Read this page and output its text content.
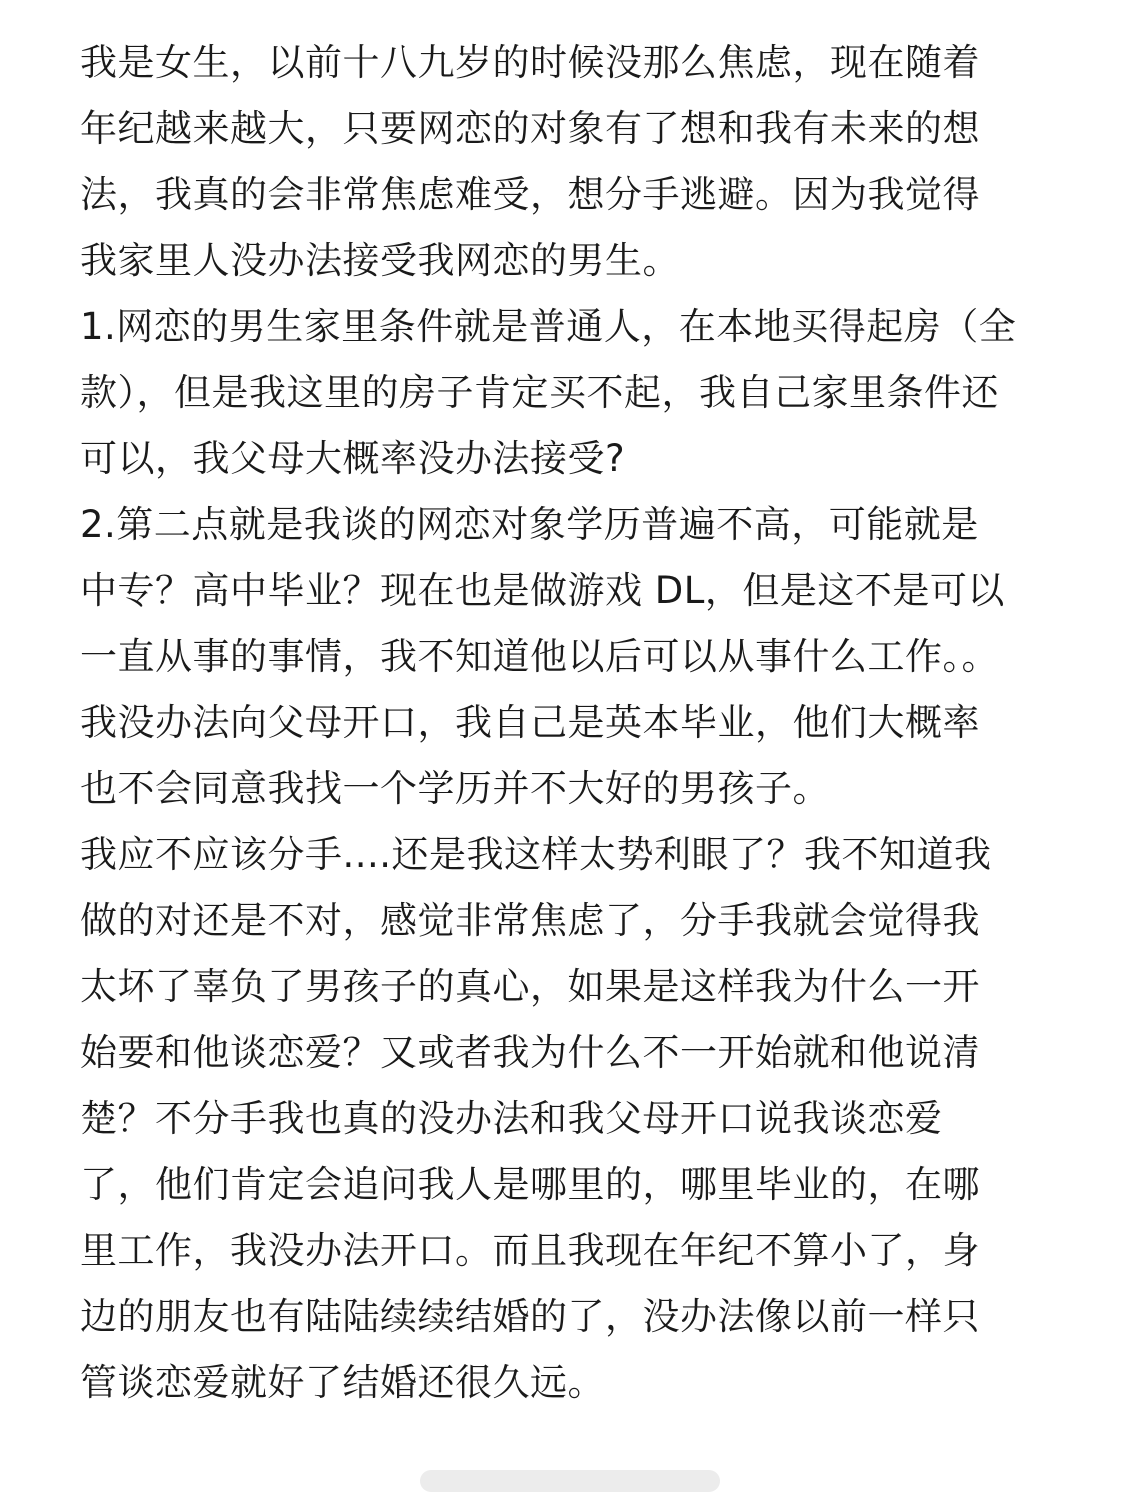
我是女生，以前十八九岁的时候没那么焦虑，现在随着
年纪越来越大，只要网恋的对象有了想和我有未来的想
法，我真的会非常焦虑难受，想分手逃避。因为我觉得
我家里人没办法接受我网恋的男生。
1.网恋的男生家里条件就是普通人，在本地买得起房（全
款），但是我这里的房子肯定买不起，我自己家里条件还
可以，我父母大概率没办法接受?
2.第二点就是我谈的网恋对象学历普遍不高，可能就是
中专？高中毕业？现在也是做游戏 DL，但是这不是可以
一直从事的事情，我不知道他以后可以从事什么工作。。
我没办法向父母开口，我自己是英本毕业，他们大概率
也不会同意我找一个学历并不大好的男孩子。
我应不应该分手....还是我这样太势利眼了？我不知道我
做的对还是不对，感觉非常焦虑了，分手我就会觉得我
太坏了辜负了男孩子的真心，如果是这样我为什么一开
始要和他谈恋爱？又或者我为什么不一开始就和他说清
楚？不分手我也真的没办法和我父母开口说我谈恋爱
了，他们肯定会追问我人是哪里的，哪里毕业的，在哪
里工作，我没办法开口。而且我现在年纪不算小了，身
边的朋友也有陆陆续续结婚的了，没办法像以前一样只
管谈恋爱就好了结婚还很久远。
